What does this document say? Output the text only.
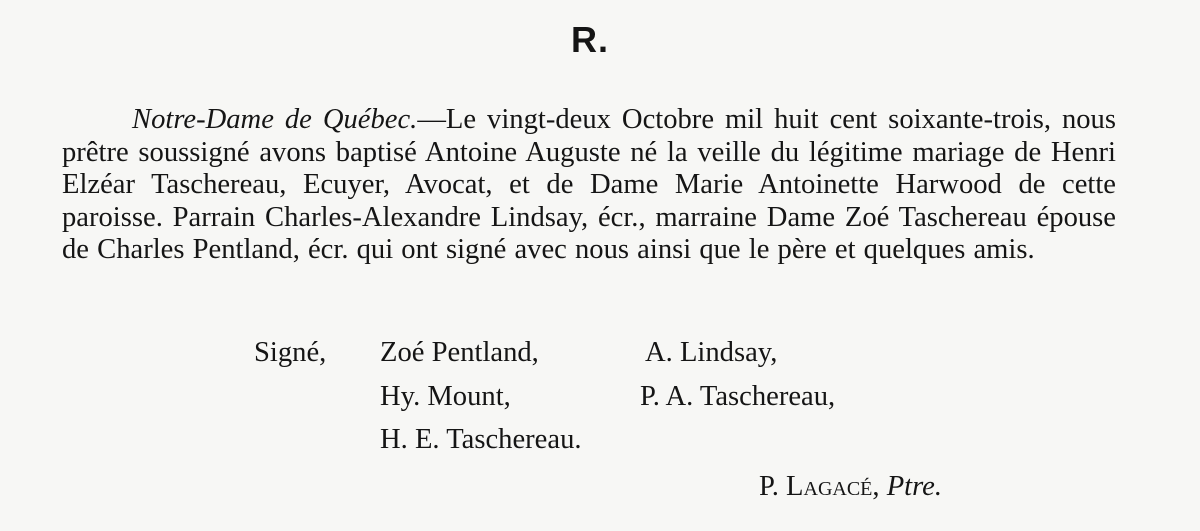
R.

Notre-Dame de Québec.—Le vingt-deux Octobre mil huit cent soixante-trois, nous prêtre soussigné avons baptisé Antoine Auguste né la veille du légitime mariage de Henri Elzéar Taschereau, Ecuyer, Avocat, et de Dame Marie Antoinette Harwood de cette paroisse. Parrain Charles-Alexandre Lindsay, écr., marraine Dame Zoé Taschereau épouse de Charles Pentland, écr. qui ont signé avec nous ainsi que le père et quelques amis.

Signé, Zoé Pentland,	A. Lindsay,
Hy. Mount,	P. A. Taschereau,
H. E. Taschereau.
P. Lagacé, Ptre.
